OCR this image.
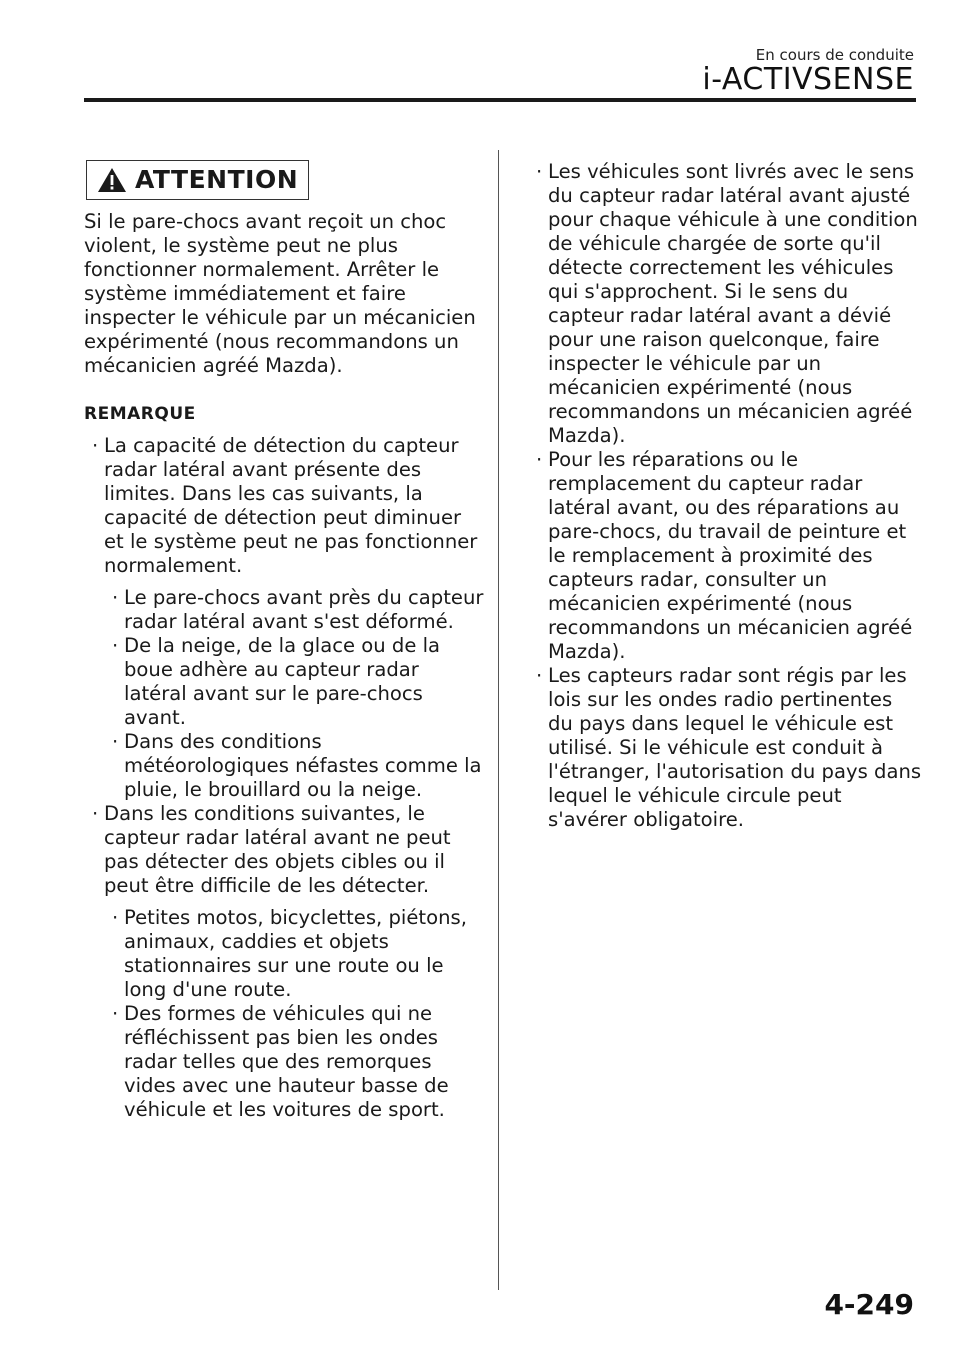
En cours de conduite
i-ACTIVSENSE
ATTENTION

Si le pare-chocs avant reçoit un choc violent, le système peut ne plus fonctionner normalement. Arrêter le système immédiatement et faire inspecter le véhicule par un mécanicien expérimenté (nous recommandons un mécanicien agréé Mazda).

REMARQUE
· La capacité de détection du capteur radar latéral avant présente des limites. Dans les cas suivants, la capacité de détection peut diminuer et le système peut ne pas fonctionner normalement.
· Le pare-chocs avant près du capteur radar latéral avant s'est déformé.
· De la neige, de la glace ou de la boue adhère au capteur radar latéral avant sur le pare-chocs avant.
· Dans des conditions météorologiques néfastes comme la pluie, le brouillard ou la neige.
· Dans les conditions suivantes, le capteur radar latéral avant ne peut pas détecter des objets cibles ou il peut être difficile de les détecter.
· Petites motos, bicyclettes, piétons, animaux, caddies et objets stationnaires sur une route ou le long d'une route.
· Des formes de véhicules qui ne réfléchissent pas bien les ondes radar telles que des remorques vides avec une hauteur basse de véhicule et les voitures de sport.
· Les véhicules sont livrés avec le sens du capteur radar latéral avant ajusté pour chaque véhicule à une condition de véhicule chargée de sorte qu'il détecte correctement les véhicules qui s'approchent. Si le sens du capteur radar latéral avant a dévié pour une raison quelconque, faire inspecter le véhicule par un mécanicien expérimenté (nous recommandons un mécanicien agréé Mazda).
· Pour les réparations ou le remplacement du capteur radar latéral avant, ou des réparations au pare-chocs, du travail de peinture et le remplacement à proximité des capteurs radar, consulter un mécanicien expérimenté (nous recommandons un mécanicien agréé Mazda).
· Les capteurs radar sont régis par les lois sur les ondes radio pertinentes du pays dans lequel le véhicule est utilisé. Si le véhicule est conduit à l'étranger, l'autorisation du pays dans lequel le véhicule circule peut s'avérer obligatoire.
4-249
